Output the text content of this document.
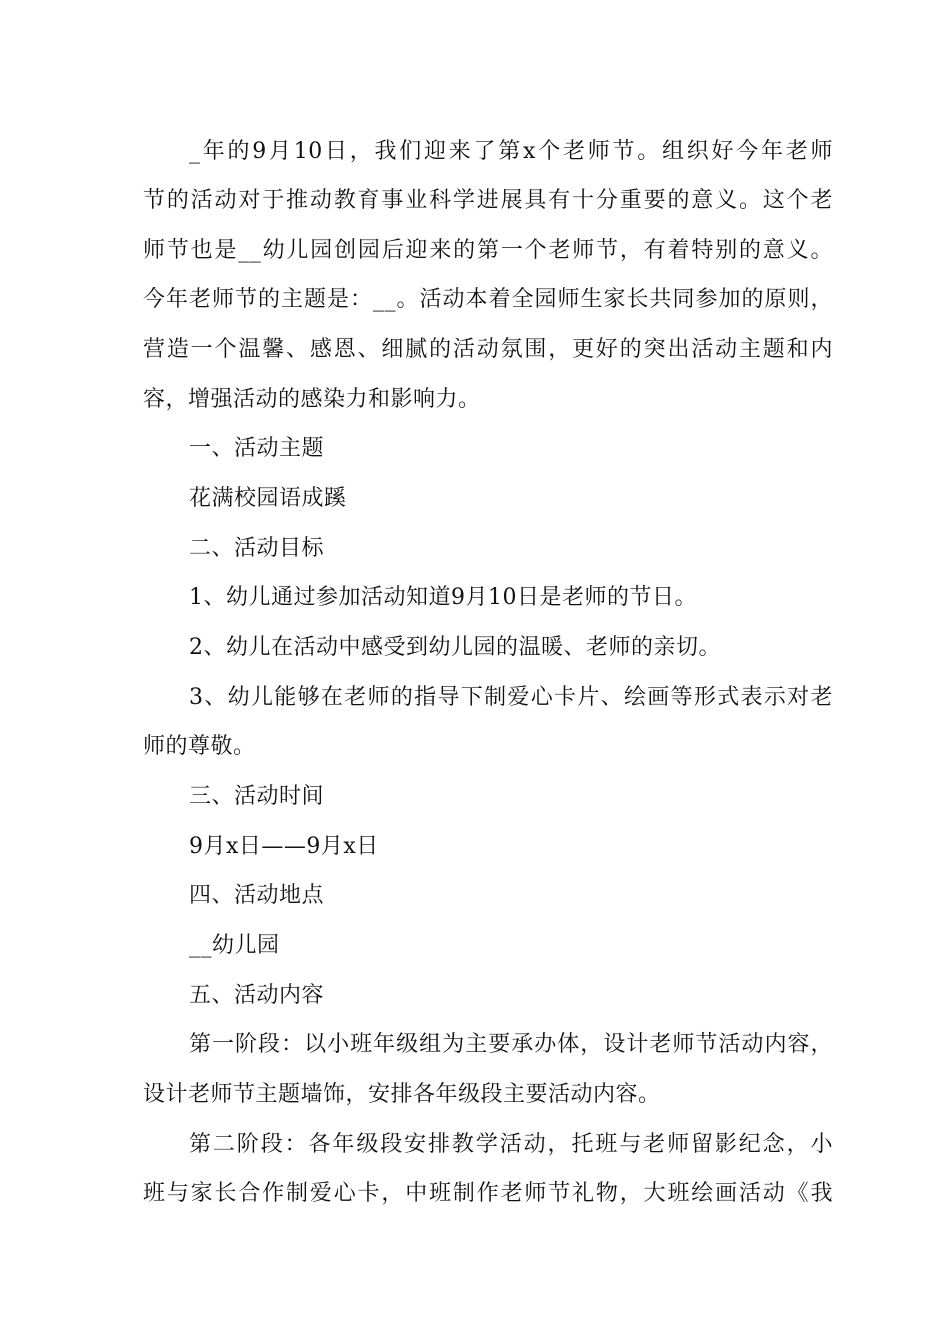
_年的9月10日，我们迎来了第x个老师节。组织好今年老师
节的活动对于推动教育事业科学进展具有十分重要的意义。这个老
师节也是__幼儿园创园后迎来的第一个老师节，有着特别的意义。
今年老师节的主题是：__。活动本着全园师生家长共同参加的原则，
营造一个温馨、感恩、细腻的活动氛围，更好的突出活动主题和内
容，增强活动的感染力和影响力。
一、活动主题
花满校园语成蹊
二、活动目标
1、幼儿通过参加活动知道9月10日是老师的节日。
2、幼儿在活动中感受到幼儿园的温暖、老师的亲切。
3、幼儿能够在老师的指导下制爱心卡片、绘画等形式表示对老
师的尊敬。
三、活动时间
9月x日——9月x日
四、活动地点
__幼儿园
五、活动内容
第一阶段：以小班年级组为主要承办体，设计老师节活动内容，
设计老师节主题墙饰，安排各年级段主要活动内容。
第二阶段：各年级段安排教学活动，托班与老师留影纪念，小
班与家长合作制爱心卡，中班制作老师节礼物，大班绘画活动《我
